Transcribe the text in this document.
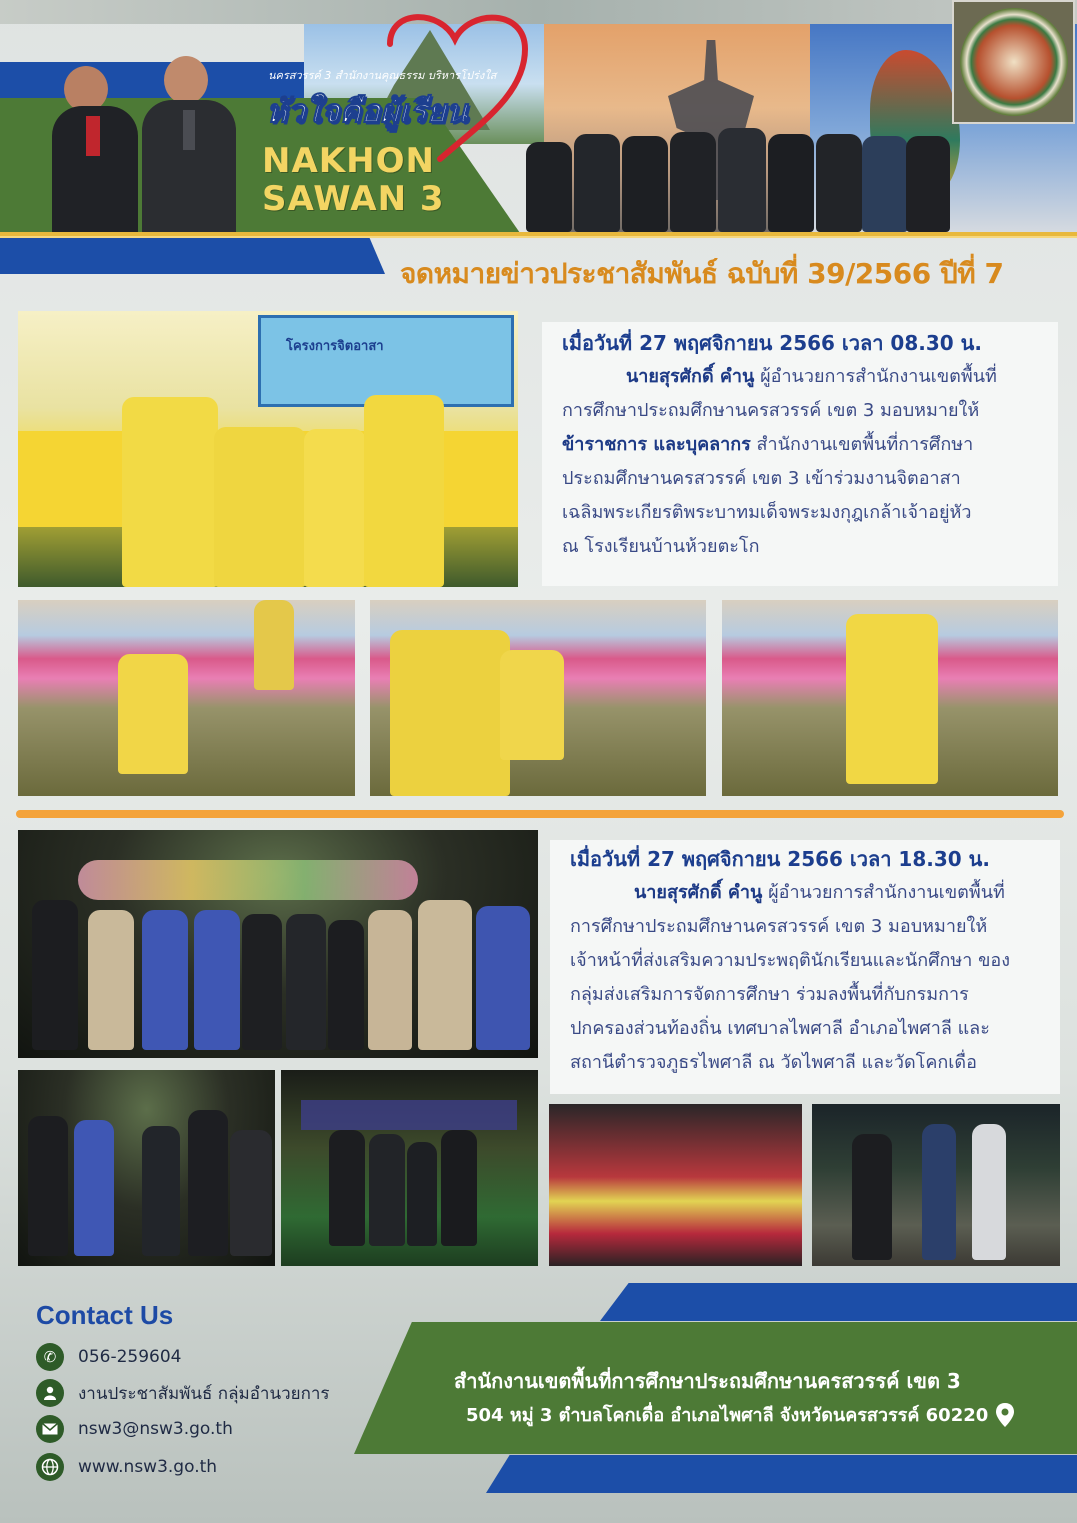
นครสวรรค์ 3 สำนักงานคุณธรรม บริหารโปร่งใส
หัวใจคือผู้เรียน
NAKHON
SAWAN 3
จดหมายข่าวประชาสัมพันธ์ ฉบับที่ 39/2566 ปีที่ 7
โครงการจิตอาสา	เมื่อวันที่ 27 พฤศจิกายน 2566 เวลา 08.30 น.
นายสุรศักดิ์ คำนู ผู้อำนวยการสำนักงานเขตพื้นที่
การศึกษาประถมศึกษานครสวรรค์ เขต 3 มอบหมายให้
ข้าราชการ และบุคลากร สำนักงานเขตพื้นที่การศึกษา
ประถมศึกษานครสวรรค์ เขต 3 เข้าร่วมงานจิตอาสา
เฉลิมพระเกียรติพระบาทมเด็จพระมงกุฎเกล้าเจ้าอยู่หัว
ณ โรงเรียนบ้านห้วยตะโก
เมื่อวันที่ 27 พฤศจิกายน 2566 เวลา 18.30 น.
นายสุรศักดิ์ คำนู ผู้อำนวยการสำนักงานเขตพื้นที่
การศึกษาประถมศึกษานครสวรรค์ เขต 3 มอบหมายให้
เจ้าหน้าที่ส่งเสริมความประพฤตินักเรียนและนักศึกษา ของ
กลุ่มส่งเสริมการจัดการศึกษา ร่วมลงพื้นที่กับกรมการ
ปกครองส่วนท้องถิ่น เทศบาลไพศาลี อำเภอไพศาลี และ
สถานีตำรวจภูธรไพศาลี ณ วัดไพศาลี และวัดโคกเดื่อ
Contact Us
✆	056-259604
งานประชาสัมพันธ์ กลุ่มอำนวยการ
nsw3@nsw3.go.th
www.nsw3.go.th
สำนักงานเขตพื้นที่การศึกษาประถมศึกษานครสวรรค์ เขต 3
504 หมู่ 3 ตำบลโคกเดื่อ อำเภอไพศาลี จังหวัดนครสวรรค์ 60220
